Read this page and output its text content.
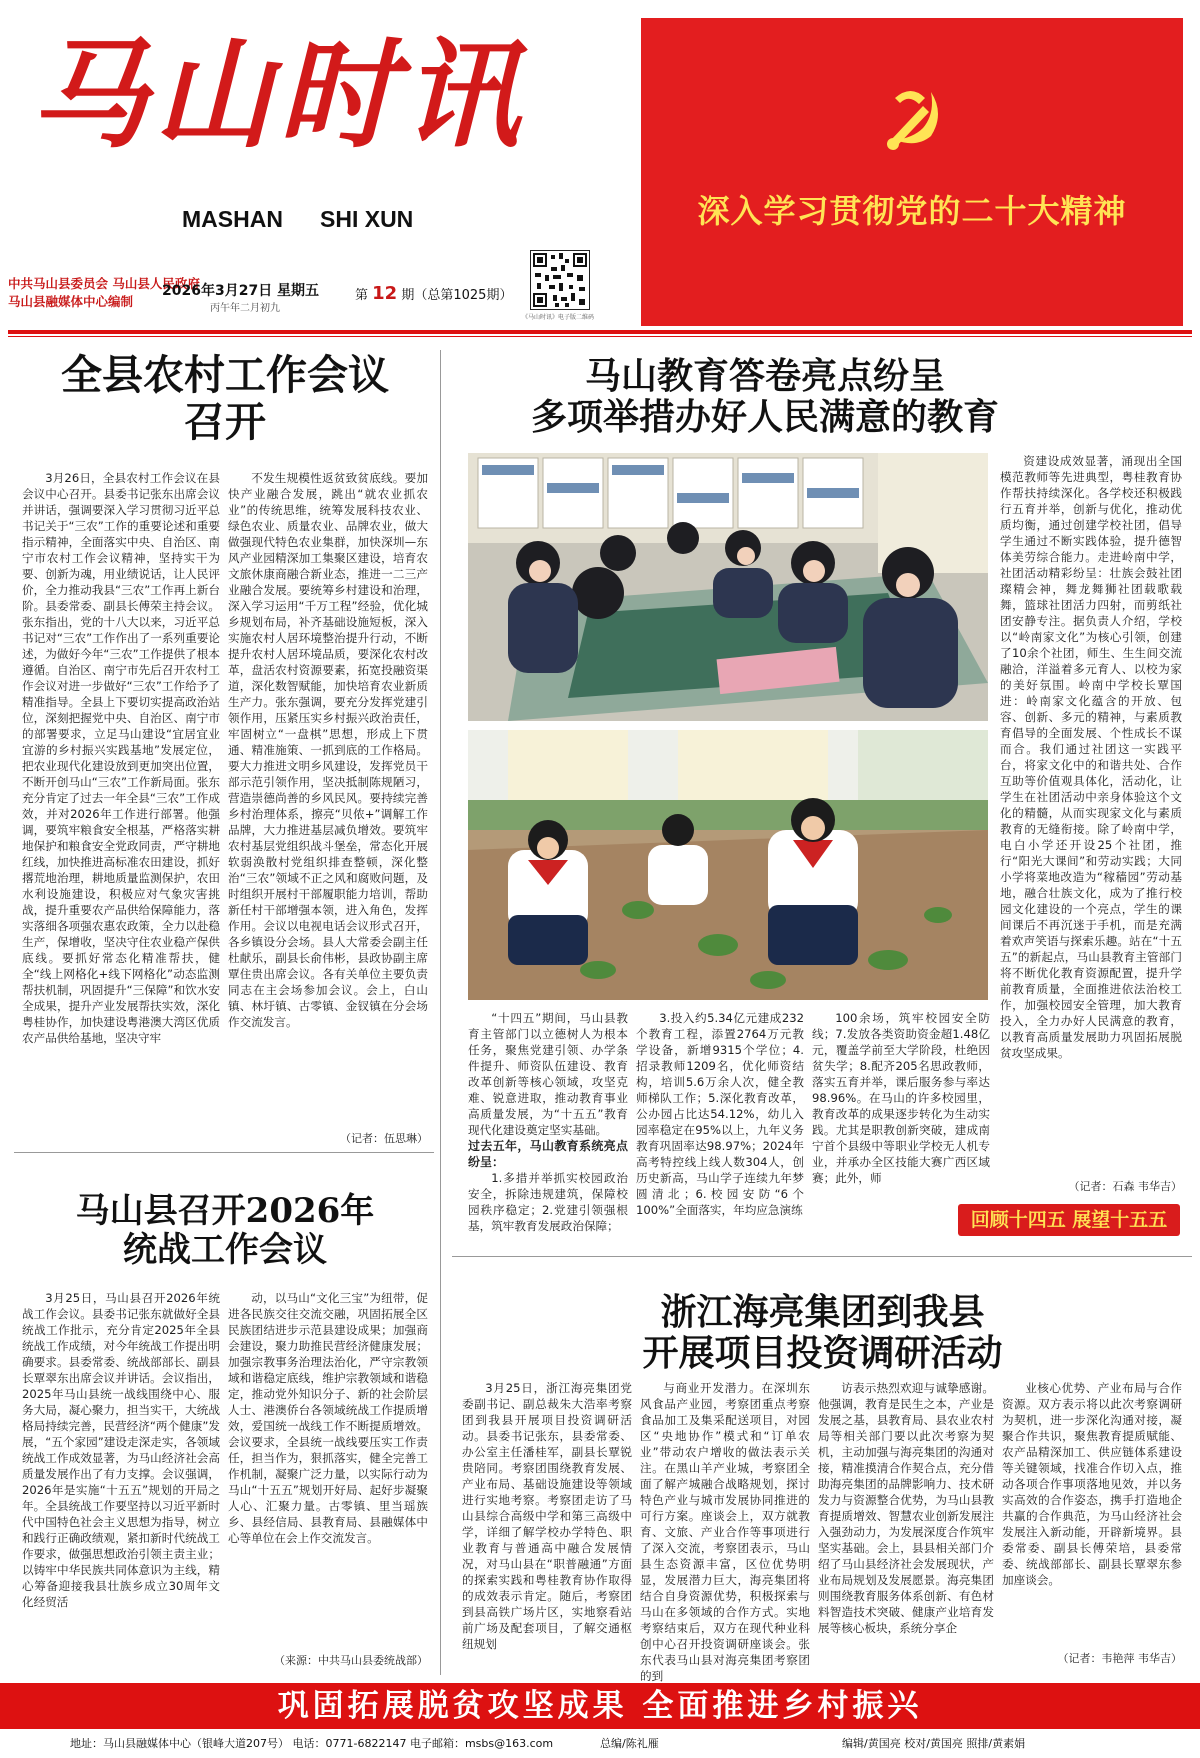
马山时讯
MASHAN SHI XUN
中共马山县委员会 马山县人民政府
马山县融媒体中心编制
2026年3月27日 星期五
丙午年二月初九
第 12 期（总第1025期）
《马山时讯》电子版二维码
深入学习贯彻党的二十大精神
全县农村工作会议
召开

3月26日，全县农村工作会议在县会议中心召开。县委书记张东出席会议并讲话，强调要深入学习贯彻习近平总书记关于“三农”工作的重要论述和重要指示精神，全面落实中央、自治区、南宁市农村工作会议精神，坚持实干为要、创新为魂，用业绩说话，让人民评价，全力推动我县“三农”工作再上新台阶。县委常委、副县长傅荣主持会议。张东指出，党的十八大以来，习近平总书记对“三农”工作作出了一系列重要论述，为做好今年“三农”工作提供了根本遵循。自治区、南宁市先后召开农村工作会议对进一步做好“三农”工作给予了精准指导。全县上下要切实提高政治站位，深刻把握党中央、自治区、南宁市的部署要求，立足马山建设“宜居宜业宜游的乡村振兴实践基地”发展定位，把农业现代化建设放到更加突出位置，不断开创马山“三农”工作新局面。张东充分肯定了过去一年全县“三农”工作成效，并对2026年工作进行部署。他强调，要筑牢粮食安全根基，严格落实耕地保护和粮食安全党政同责，严守耕地红线，加快推进高标准农田建设，抓好撂荒地治理，耕地质量监测保护，农田水利设施建设，积极应对气象灾害挑战，提升重要农产品供给保障能力，落实落细各项强农惠农政策，全力以赴稳生产，保增收，坚决守住农业稳产保供底线。要抓好常态化精准帮扶，健全“线上网格化+线下网格化”动态监测帮扶机制，巩固提升“三保障”和饮水安全成果，提升产业发展帮扶实效，深化粤桂协作，加快建设粤港澳大湾区优质农产品供给基地，坚决守牢

不发生规模性返贫致贫底线。要加快产业融合发展，跳出“就农业抓农业”的传统思维，统筹发展科技农业、绿色农业、质量农业、品牌农业，做大做强现代特色农业集群，加快深圳—东风产业园精深加工集聚区建设，培育农文旅休康商融合新业态，推进一二三产业融合发展。要统筹乡村建设和治理，深入学习运用“千万工程”经验，优化城乡规划布局，补齐基础设施短板，深入实施农村人居环境整治提升行动，不断提升农村人居环境品质，要深化农村改革，盘活农村资源要素，拓宽投融资渠道，深化数智赋能，加快培育农业新质生产力。张东强调，要充分发挥党建引领作用，压紧压实乡村振兴政治责任，牢固树立“一盘棋”思想，形成上下贯通、精准施策、一抓到底的工作格局。要大力推进文明乡风建设，发挥党员干部示范引领作用，坚决抵制陈规陋习，营造崇德尚善的乡风民风。要持续完善乡村治理体系，擦亮“贝侬+”调解工作品牌，大力推进基层减负增效。要筑牢农村基层党组织战斗堡垒，常态化开展软弱涣散村党组织排查整顿，深化整治“三农”领域不正之风和腐败问题，及时组织开展村干部履职能力培训，帮助新任村干部增强本领，进入角色，发挥作用。会议以电视电话会议形式召开，各乡镇设分会场。县人大常委会副主任杜献乐，副县长俞伟彬，县政协副主席覃住贵出席会议。各有关单位主要负责同志在主会场参加会议。会上，白山镇、林圩镇、古零镇、金钗镇在分会场作交流发言。

（记者：伍思琳）
马山县召开2026年
统战工作会议

3月25日，马山县召开2026年统战工作会议。县委书记张东就做好全县统战工作批示，充分肯定2025年全县统战工作成绩，对今年统战工作提出明确要求。县委常委、统战部部长、副县长覃翠东出席会议并讲话。会议指出，2025年马山县统一战线围绕中心、服务大局，凝心聚力，担当实干，大统战格局持续完善，民营经济“两个健康”发展，“五个家园”建设走深走实，各领域统战工作成效显著，为马山经济社会高质量发展作出了有力支撑。会议强调，2026年是实施“十五五”规划的开局之年。全县统战工作要坚持以习近平新时代中国特色社会主义思想为指导，树立和践行正确政绩观，紧扣新时代统战工作要求，做强思想政治引领主责主业；以铸牢中华民族共同体意识为主线，精心筹备迎接我县壮族乡成立30周年文化经贸活

动，以马山“文化三宝”为纽带，促进各民族交往交流交融，巩固拓展全区民族团结进步示范县建设成果；加强商会建设，聚力助推民营经济健康发展；加强宗教事务治理法治化，严守宗教领域和谐稳定底线，维护宗教领域和谐稳定，推动党外知识分子、新的社会阶层人士、港澳侨台各领域统战工作提质增效，爱国统一战线工作不断提质增效。会议要求，全县统一战线要压实工作责任，担当作为，狠抓落实，健全完善工作机制，凝聚广泛力量，以实际行动为马山“十五五”规划开好局、起好步凝聚人心、汇聚力量。古零镇、里当瑶族乡、县经信局、县教育局、县融媒体中心等单位在会上作交流发言。

（来源：中共马山县委统战部）
马山教育答卷亮点纷呈
多项举措办好人民满意的教育

“十四五”期间，马山县教育主管部门以立德树人为根本任务，聚焦党建引领、办学条件提升、师资队伍建设、教育改革创新等核心领域，攻坚克难、锐意进取，推动教育事业高质量发展，为“十五五”教育现代化建设奠定坚实基础。

过去五年，马山教育系统亮点纷呈：

1.多措并举抓实校园政治安全，拆除违规建筑，保障校园秩序稳定；2.党建引领强根基，筑牢教育发展政治保障；

3.投入约5.34亿元建成232个教育工程，添置2764万元教学设备，新增9315个学位；4.招录教师1209名，优化师资结构，培训5.6万余人次，健全教师梯队工作；5.深化教育改革，公办园占比达54.12%，幼儿入园率稳定在95%以上，九年义务教育巩固率达98.97%；2024年高考特控线上线人数304人，创历史新高，马山学子连续九年梦圆清北；6.校园安防“6个100%”全面落实，年均应急演练

100余场，筑牢校园安全防线；7.发放各类资助资金超1.48亿元，覆盖学前至大学阶段，杜绝因贫失学；8.配齐205名思政教师，落实五育并举，课后服务参与率达98.96%。在马山的许多校园里，教育改革的成果逐步转化为生动实践。尤其是职教创新突破，建成南宁首个县级中等职业学校无人机专业，并承办全区技能大赛广西区域赛；此外，师

资建设成效显著，涌现出全国模范教师等先进典型，粤桂教育协作帮扶持续深化。各学校还积极践行五育并举，创新与优化，推动优质均衡，通过创建学校社团，倡导学生通过不断实践体验，提升德智体美劳综合能力。走进岭南中学，社团活动精彩纷呈：壮族会鼓社团璨精会神，舞龙舞狮社团载歌载舞，篮球社团活力四射，而剪纸社团安静专注。据负责人介绍，学校以“岭南家文化”为核心引领，创建了10余个社团，师生、生生间交流融洽，洋溢着多元育人、以校为家的美好氛围。岭南中学校长覃国进：岭南家文化蕴含的开放、包容、创新、多元的精神，与素质教育倡导的全面发展、个性成长不谋而合。我们通过社团这一实践平台，将家文化中的和谐共处、合作互助等价值观具体化，活动化，让学生在社团活动中亲身体验这个文化的精髓，从而实现家文化与素质教育的无缝衔接。除了岭南中学，电白小学还开设25个社团，推行“阳光大课间”和劳动实践；大同小学将菜地改造为“稼穑园”劳动基地，融合壮族文化，成为了推行校园文化建设的一个亮点，学生的课间课后不再沉迷于手机，而是充满着欢声笑语与探索乐趣。站在“十五五”的新起点，马山县教育主管部门将不断优化教育资源配置，提升学前教育质量，全面推进依法治校工作，加强校园安全管理，加大教育投入，全力办好人民满意的教育，以教育高质量发展助力巩固拓展脱贫攻坚成果。

（记者：石森 韦华吉）
回顾十四五 展望十五五
浙江海亮集团到我县
开展项目投资调研活动

3月25日，浙江海亮集团党委副书记、副总裁朱大浩率考察团到我县开展项目投资调研活动。县委书记张东，县委常委、办公室主任潘桂军，副县长覃锐贵陪同。考察团围绕教育发展、产业布局、基础设施建设等领域进行实地考察。考察团走访了马山县综合高级中学和第三高级中学，详细了解学校办学特色、职业教育与普通高中融合发展情况，对马山县在“职普融通”方面的探索实践和粤桂教育协作取得的成效表示肯定。随后，考察团到县高铁广场片区，实地察看站前广场及配套项目，了解交通枢纽规划

与商业开发潜力。在深圳东风食品产业园，考察团重点考察食品加工及集采配送项目，对园区“央地协作”模式和“订单农业”带动农户增收的做法表示关注。在黑山羊产业城，考察团全面了解产城融合战略规划，探讨特色产业与城市发展协同推进的可行方案。座谈会上，双方就教育、文旅、产业合作等事项进行了深入交流，考察团表示，马山县生态资源丰富，区位优势明显，发展潜力巨大，海亮集团将结合自身资源优势，积极探索与马山在多领域的合作方式。实地考察结束后，双方在现代种业科创中心召开投资调研座谈会。张东代表马山县对海亮集团考察团的到

访表示热烈欢迎与诚挚感谢。他强调，教育是民生之本，产业是发展之基，县教育局、县农业农村局等相关部门要以此次考察为契机，主动加强与海亮集团的沟通对接，精准摸清合作契合点，充分借助海亮集团的品牌影响力、技术研发力与资源整合优势，为马山县教育提质增效、智慧农业创新发展注入强劲动力，为发展深度合作筑牢坚实基础。会上，县县相关部门介绍了马山县经济社会发展现状，产业布局规划及发展愿景。海亮集团则围绕教育服务体系创新、有色材料智造技术突破、健康产业培育发展等核心板块，系统分享企

业核心优势、产业布局与合作资源。双方表示将以此次考察调研为契机，进一步深化沟通对接，凝聚合作共识，聚焦教育提质赋能、农产品精深加工、供应链体系建设等关键领域，找准合作切入点，推动各项合作事项落地见效，并以务实高效的合作姿态，携手打造地企共赢的合作典范，为马山经济社会发展注入新动能，开辟新境界。县委常委、副县长傅荣培，县委常委、统战部部长、副县长覃翠东参加座谈会。

（记者：韦艳萍 韦华吉）
巩固拓展脱贫攻坚成果 全面推进乡村振兴
地址：马山县融媒体中心（银峰大道207号） 电话：0771-6822147 电子邮箱：msbs@163.com	总编/陈礼雁	编辑/黄国亮 校对/黄国亮 照排/黄素娟
